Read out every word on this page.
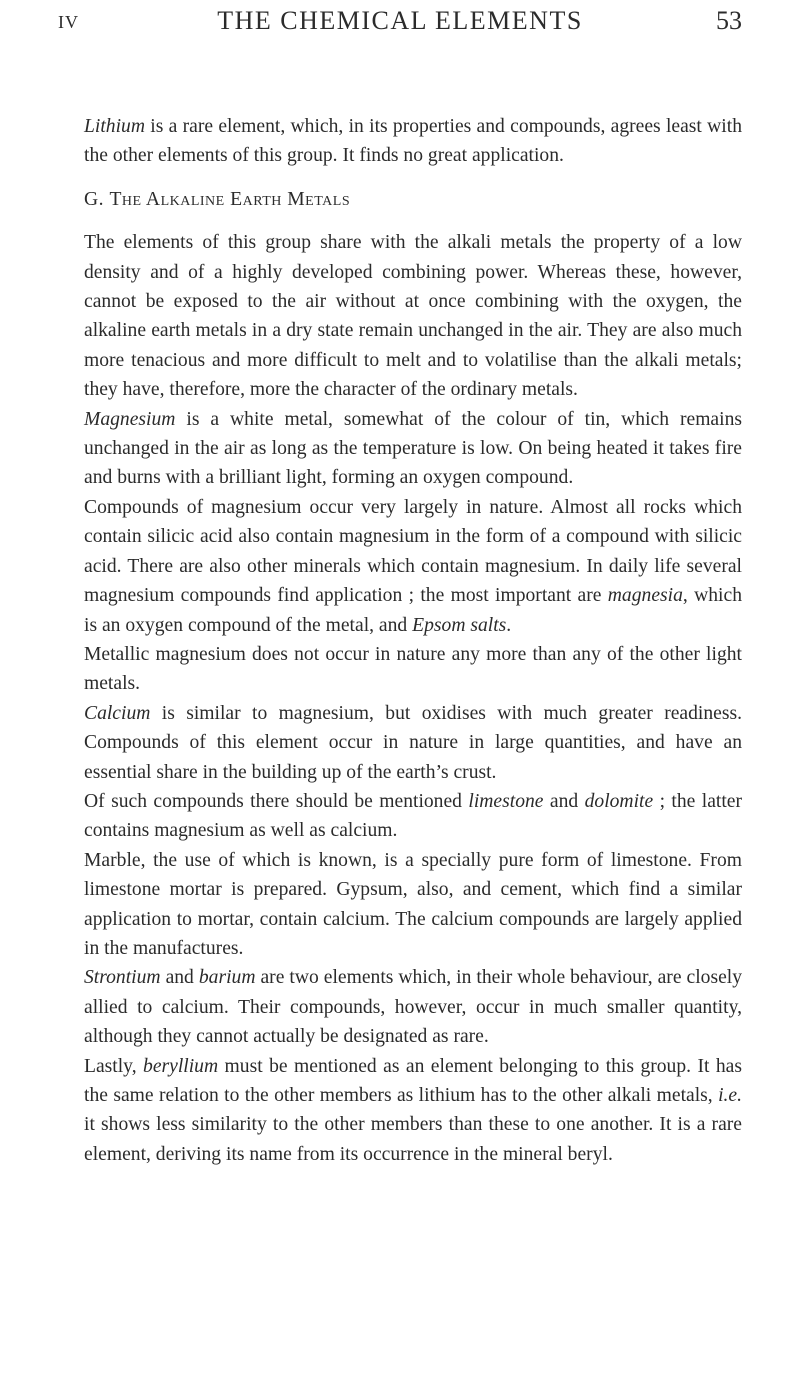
IV	THE CHEMICAL ELEMENTS	53

Lithium is a rare element, which, in its properties and compounds, agrees least with the other elements of this group. It finds no great application.

G. The Alkaline Earth Metals

The elements of this group share with the alkali metals the property of a low density and of a highly developed combining power. Whereas these, however, cannot be exposed to the air without at once combining with the oxygen, the alkaline earth metals in a dry state remain unchanged in the air. They are also much more tenacious and more difficult to melt and to volatilise than the alkali metals; they have, therefore, more the character of the ordinary metals.

Magnesium is a white metal, somewhat of the colour of tin, which remains unchanged in the air as long as the temperature is low. On being heated it takes fire and burns with a brilliant light, forming an oxygen compound.

Compounds of magnesium occur very largely in nature. Almost all rocks which contain silicic acid also contain magnesium in the form of a compound with silicic acid. There are also other minerals which contain magnesium. In daily life several magnesium compounds find application ; the most important are magnesia, which is an oxygen compound of the metal, and Epsom salts.

Metallic magnesium does not occur in nature any more than any of the other light metals.

Calcium is similar to magnesium, but oxidises with much greater readiness. Compounds of this element occur in nature in large quantities, and have an essential share in the building up of the earth’s crust.

Of such compounds there should be mentioned limestone and dolomite ; the latter contains magnesium as well as calcium.

Marble, the use of which is known, is a specially pure form of limestone. From limestone mortar is prepared. Gypsum, also, and cement, which find a similar application to mortar, contain calcium. The calcium compounds are largely applied in the manufactures.

Strontium and barium are two elements which, in their whole behaviour, are closely allied to calcium. Their compounds, however, occur in much smaller quantity, although they cannot actually be designated as rare.

Lastly, beryllium must be mentioned as an element belonging to this group. It has the same relation to the other members as lithium has to the other alkali metals, i.e. it shows less similarity to the other members than these to one another. It is a rare element, deriving its name from its occurrence in the mineral beryl.
